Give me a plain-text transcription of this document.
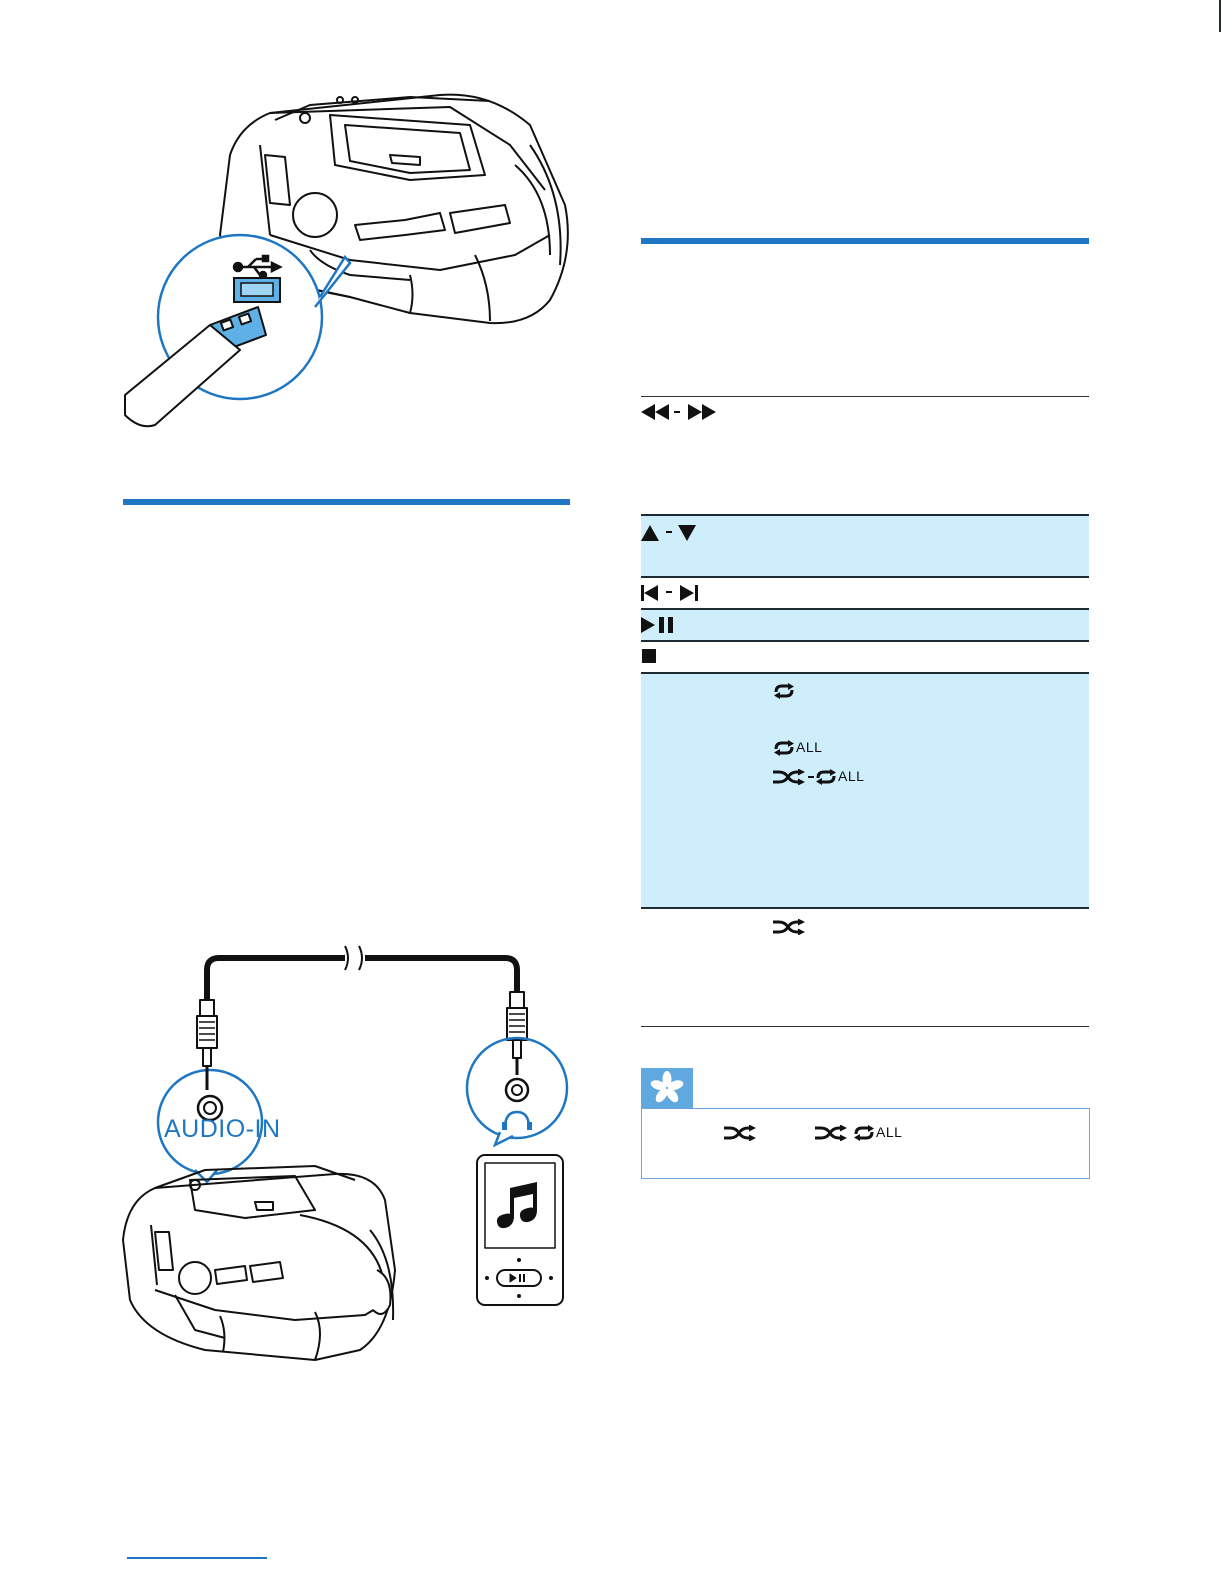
AUDIO-IN
ALL
ALL
ALL
